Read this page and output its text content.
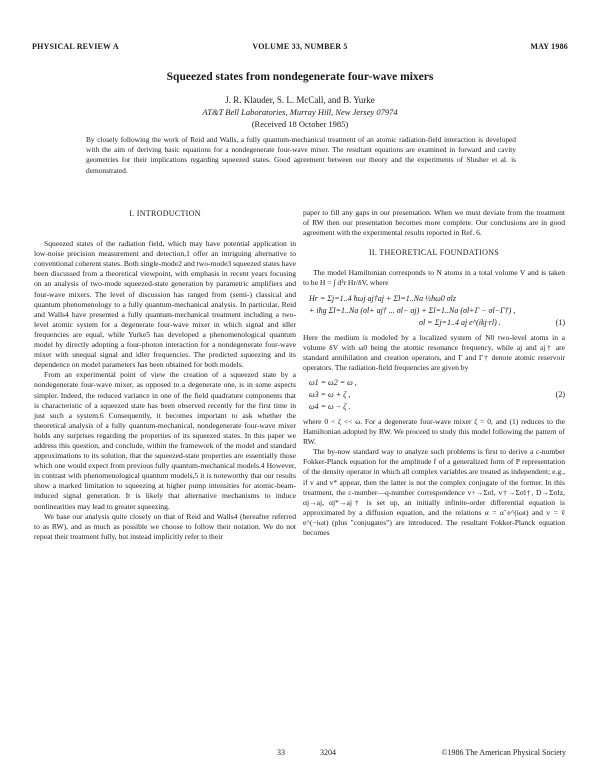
PHYSICAL REVIEW A	VOLUME 33, NUMBER 5	MAY 1986
Squeezed states from nondegenerate four-wave mixers
J. R. Klauder, S. L. McCall, and B. Yurke
AT&T Bell Laboratories, Murray Hill, New Jersey 07974
(Received 18 October 1985)
By closely following the work of Reid and Walls, a fully quantum-mechanical treatment of an atomic radiation-field interaction is developed with the aim of deriving basic equations for a nondegenerate four-wave mixer. The resultant equations are examined in forward and cavity geometries for their implications regarding squeezed states. Good agreement between our theory and the experiments of Slusher et al. is demonstrated.
I. INTRODUCTION

Squeezed states of the radiation field, which may have potential application in low-noise precision measurement and detection,1 offer an intriguing alternative to conventional coherent states. Both single-mode2 and two-mode3 squeezed states have been discussed from a theoretical viewpoint, with emphasis in recent years focusing on an analysis of two-mode squeezed-state generation by parametric amplifiers and four-wave mixers. The level of discussion has ranged from (semi-) classical and quantum phenomenology to a fully quantum-mechanical analysis. In particular, Reid and Walls4 have presented a fully quantum-mechanical treatment including a two-level atomic system for a degenerate four-wave mixer in which signal and idler frequencies are equal, while Yurke5 has developed a phenomenological quantum model by directly adopting a four-photon interaction for a nondegenerate four-wave mixer with unequal signal and idler frequencies. The predicted squeezing and its dependence on model parameters has been obtained for both models.

From an experimental point of view the creation of a squeezed state by a nondegenerate four-wave mixer, as opposed to a degenerate one, is in some aspects simpler. Indeed, the reduced variance in one of the field quadrature components that is characteristic of a squeezed state has been observed recently for the first time in just such a system.6 Consequently, it becomes important to ask whether the theoretical analysis of a fully quantum-mechanical, nondegenerate four-wave mixer holds any surprises regarding the properties of its squeezed states. In this paper we address this question, and conclude, within the framework of the model and standard approximations to its solution, that the squeezed-state properties are essentially those which one would expect from previous fully quantum-mechanical models.4 However, in contrast with phenomenological quantum models,5 it is noteworthy that our results show a marked limitation to squeezing at higher pump intensities for atomic-beam-induced signal generation. It is likely that alternative mechanisms to induce nonlinearities may lead to greater squeezing.

We base our analysis quite closely on that of Reid and Walls4 (hereafter referred to as RW), and as much as possible we choose to follow their notation. We do not repeat their treatment fully, but instead implicitly refer to their

paper to fill any gaps in our presentation. When we must deviate from the treatment of RW then our presentation becomes more complete. Our conclusions are in good agreement with the experimental results reported in Ref. 6.

II. THEORETICAL FOUNDATIONS

The model Hamiltonian corresponds to N atoms in a total volume V and is taken to be H = ∫ d³r Hr/δV, where

Hr = Σj=1..4 ħωj aj†aj + Σl=1..Na ½ħω0 σlz
+ iħg Σl=1..Na (σl+ aj† ... σl− aj) + Σl=1..Na (σl+Γ − σl−Γ†) ,
σl = Σj=1..4 aj e^(ikj·rl) .	(1)

Here the medium is modeled by a localized system of N0 two-level atoms in a volume δV with ω0 being the atomic resonance frequency, while aj and aj† are standard annihilation and creation operators, and Γ and Γ† denote atomic reservoir operators. The radiation-field frequencies are given by

ω1 = ω2 = ω ,
ω3 = ω + ζ ,	(2)
ω4 = ω − ζ .

where 0 < ζ << ω. For a degenerate four-wave mixer ζ = 0, and (1) reduces to the Hamiltonian adopted by RW. We proceed to study this model following the pattern of RW.

The by-now standard way to analyze such problems is first to derive a c-number Fokker-Planck equation for the amplitude f of a generalized form of P representation of the density operator in which all complex variables are treated as independent; e.g., if v and v* appear, then the latter is not the complex conjugate of the former. In this treatment, the c-number—q-number correspondence v+→Σσl, v†→Σσl†, D→Σσlz, αj→aj, αj*→aj† is set up, an initially infinite-order differential equation is approximated by a diffusion equation, and the relations α = α̃ e^(iωt) and v = ṽ e^(−iωt) (plus "conjugates") are introduced. The resultant Fokker-Planck equation becomes

33	3204	©1986 The American Physical Society
